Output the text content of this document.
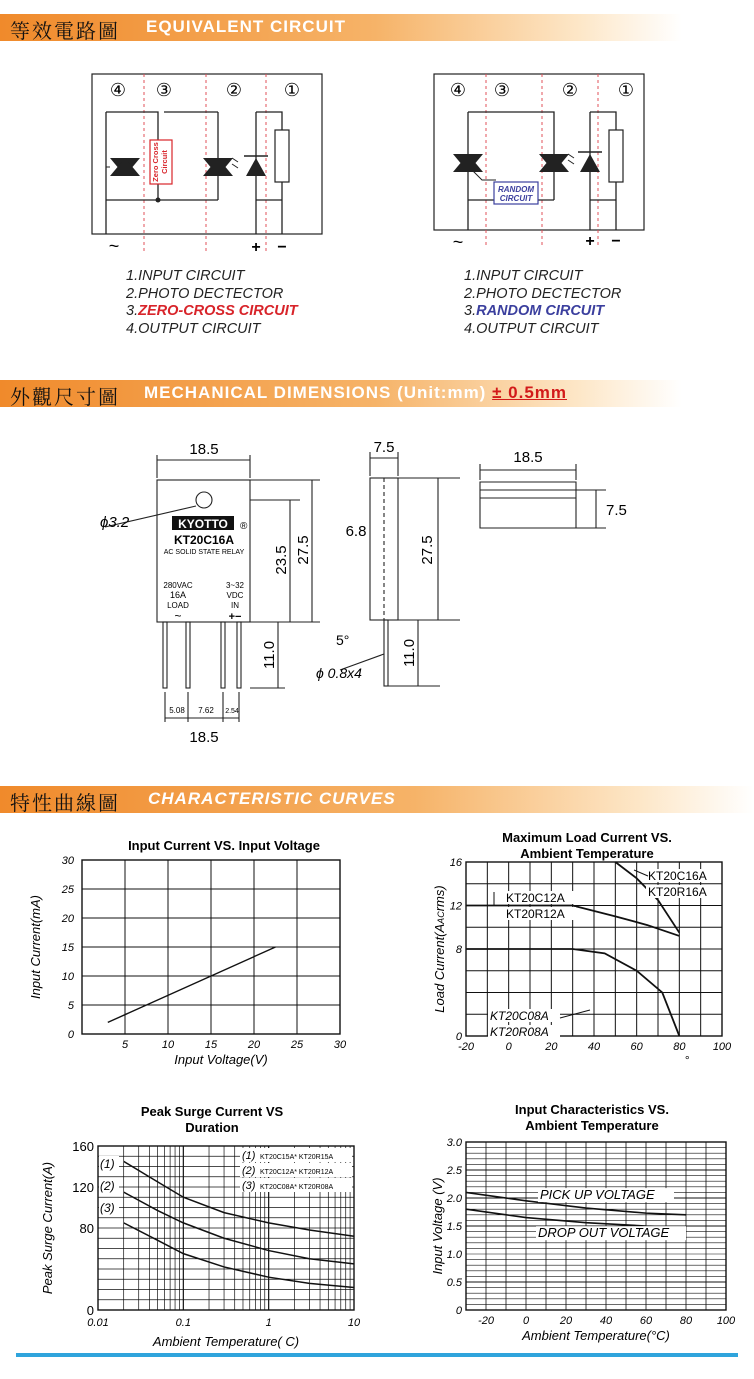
等效電路圖 EQUIVALENT CIRCUIT
外觀尺寸圖 MECHANICAL DIMENSIONS (Unit:mm) ± 0.5mm
特性曲線圖 CHARACTERISTIC CURVES
④ ③	② ①
Zero Cross Circuit
~	+ −
1.INPUT CIRCUIT
2.PHOTO DECTECTOR
3.ZERO-CROSS CIRCUIT
4.OUTPUT CIRCUIT
④ ③	② ①
RANDOM
CIRCUIT
~	+ −
1.INPUT CIRCUIT
2.PHOTO DECTECTOR
3.RANDOM CIRCUIT
4.OUTPUT CIRCUIT
18.5
ϕ3.2	KYOTTO ®
KT20C16A
AC SOLID STATE RELAY
280VAC
16A
LOAD
~
3~32
VDC
IN
+−
23.5 27.5
11.0
5.08 7.62 2.54
18.5
7.5
6.8
27.5
5°
ϕ 0.8x4
11.0
18.5
7.5
Input Current VS. Input Voltage
5	10	15	20	25	30
0
5
10
15
20
25
30
Input Voltage(V)
Input Current(mA)
Maximum Load Current VS.
Ambient Temperature
-20	0	20	40	60	80 100
0
8
12
16
Load Current(AACrms)
°
KT20C16A
KT20R16A
KT20C12A
KT20R12A
KT20C08A
KT20R08A
Peak Surge Current VS
Duration
0.01	0.1	1	10
0
80
120
160
Ambient Temperature( C)
Peak Surge Current(A)	(1)
(2)
(3)
(1) KT20C15A* KT20R15A
(2) KT20C12A* KT20R12A
(3) KT20C08A* KT20R08A
Input Characteristics VS.
Ambient Temperature
-20	0	20	40	60	80 100
0
0.5
1.0
1.5
2.0
2.5
3.0
Ambient Temperature(°C)
Input Voltage (V)	PICK UP VOLTAGE
DROP OUT VOLTAGE
